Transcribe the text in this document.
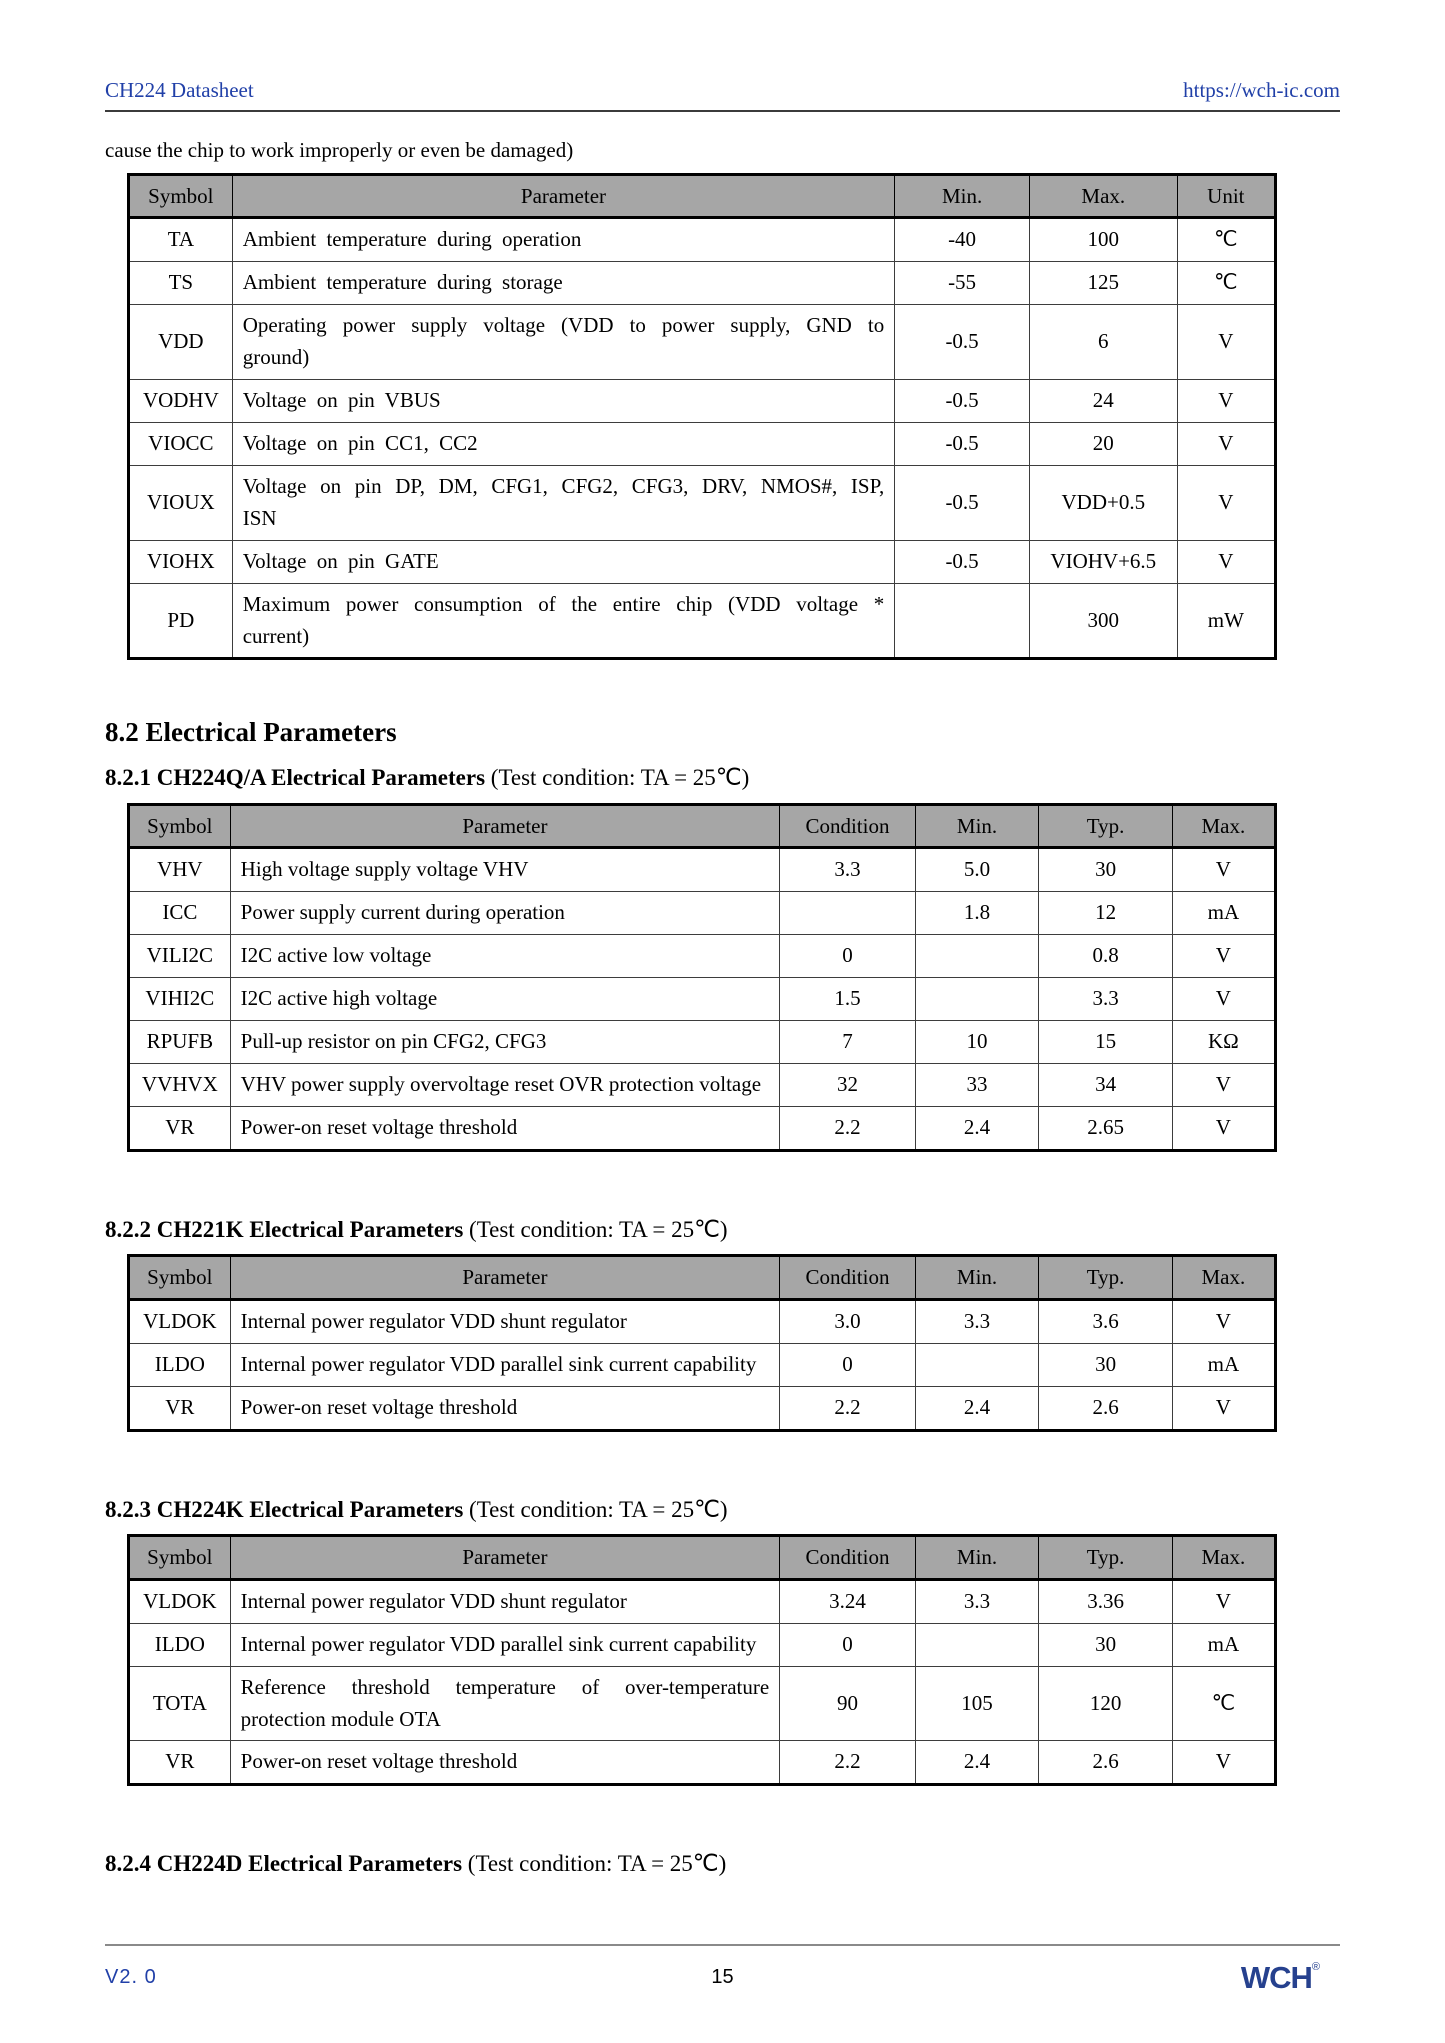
CH224 Datasheet	https://wch-ic.com

cause the chip to work improperly or even be damaged)

Symbol	Parameter	Min.	Max.	Unit
TA	Ambient temperature during operation	-40	100	℃
TS	Ambient temperature during storage	-55	125	℃
VDD	Operating power supply voltage (VDD to power supply, GND to ground)	-0.5	6	V
VODHV	Voltage on pin VBUS	-0.5	24	V
VIOCC	Voltage on pin CC1, CC2	-0.5	20	V
VIOUX	Voltage on pin DP, DM, CFG1, CFG2, CFG3, DRV, NMOS#, ISP, ISN	-0.5	VDD+0.5	V
VIOHX	Voltage on pin GATE	-0.5	VIOHV+6.5	V
PD	Maximum power consumption of the entire chip (VDD voltage * current)		300	mW
8.2 Electrical Parameters
8.2.1 CH224Q/A Electrical Parameters (Test condition: TA = 25℃)
Symbol	Parameter	Condition	Min.	Typ.	Max.
VHV	High voltage supply voltage VHV	3.3	5.0	30	V
ICC	Power supply current during operation		1.8	12	mA
VILI2C	I2C active low voltage	0		0.8	V
VIHI2C	I2C active high voltage	1.5		3.3	V
RPUFB	Pull-up resistor on pin CFG2, CFG3	7	10	15	KΩ
VVHVX	VHV power supply overvoltage reset OVR protection voltage	32	33	34	V
VR	Power-on reset voltage threshold	2.2	2.4	2.65	V
8.2.2 CH221K Electrical Parameters (Test condition: TA = 25℃)
Symbol	Parameter	Condition	Min.	Typ.	Max.
VLDOK	Internal power regulator VDD shunt regulator	3.0	3.3	3.6	V
ILDO	Internal power regulator VDD parallel sink current capability	0		30	mA
VR	Power-on reset voltage threshold	2.2	2.4	2.6	V
8.2.3 CH224K Electrical Parameters (Test condition: TA = 25℃)
Symbol	Parameter	Condition	Min.	Typ.	Max.
VLDOK	Internal power regulator VDD shunt regulator	3.24	3.3	3.36	V
ILDO	Internal power regulator VDD parallel sink current capability	0		30	mA
TOTA	Reference threshold temperature of over-temperature protection module OTA	90	105	120	℃
VR	Power-on reset voltage threshold	2.2	2.4	2.6	V
8.2.4 CH224D Electrical Parameters (Test condition: TA = 25℃)
V2. 0	15	WCH®
